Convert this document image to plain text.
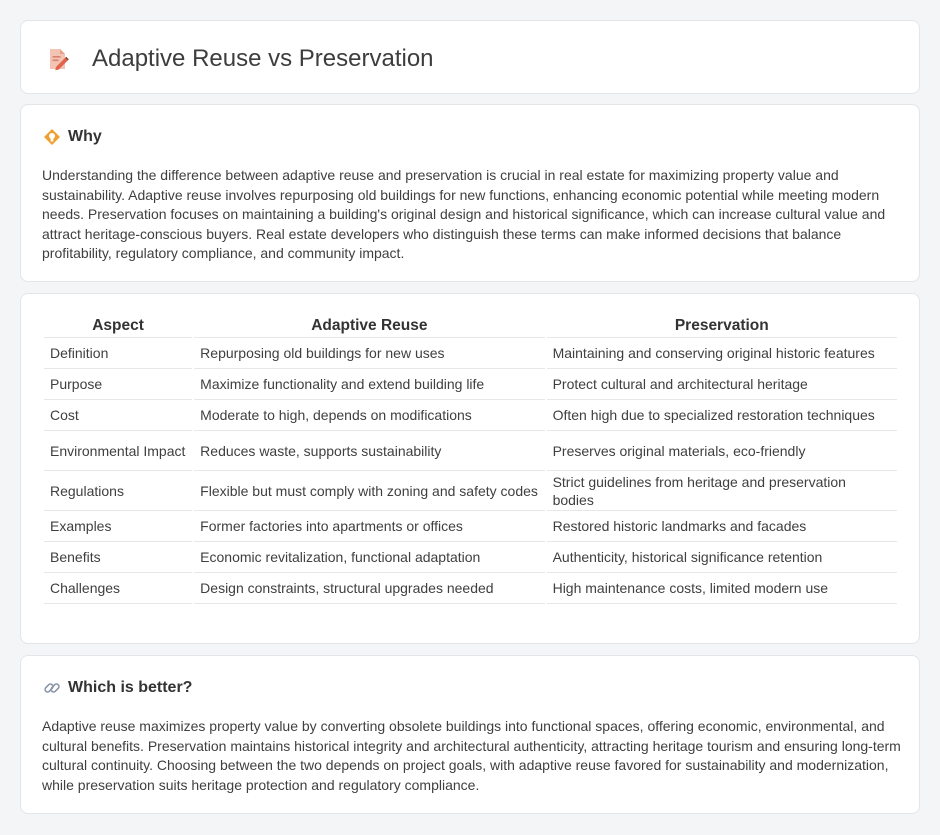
Adaptive Reuse vs Preservation
Why

Understanding the difference between adaptive reuse and preservation is crucial in real estate for maximizing property value and sustainability. Adaptive reuse involves repurposing old buildings for new functions, enhancing economic potential while meeting modern needs. Preservation focuses on maintaining a building's original design and historical significance, which can increase cultural value and attract heritage-conscious buyers. Real estate developers who distinguish these terms can make informed decisions that balance profitability, regulatory compliance, and community impact.

Aspect	Adaptive Reuse	Preservation
Definition	Repurposing old buildings for new uses	Maintaining and conserving original historic features
Purpose	Maximize functionality and extend building life	Protect cultural and architectural heritage
Cost	Moderate to high, depends on modifications	Often high due to specialized restoration techniques
Environmental Impact	Reduces waste, supports sustainability	Preserves original materials, eco-friendly
Regulations	Flexible but must comply with zoning and safety codes	Strict guidelines from heritage and preservation bodies
Examples	Former factories into apartments or offices	Restored historic landmarks and facades
Benefits	Economic revitalization, functional adaptation	Authenticity, historical significance retention
Challenges	Design constraints, structural upgrades needed	High maintenance costs, limited modern use
Which is better?

Adaptive reuse maximizes property value by converting obsolete buildings into functional spaces, offering economic, environmental, and cultural benefits. Preservation maintains historical integrity and architectural authenticity, attracting heritage tourism and ensuring long-term cultural continuity. Choosing between the two depends on project goals, with adaptive reuse favored for sustainability and modernization, while preservation suits heritage protection and regulatory compliance.
